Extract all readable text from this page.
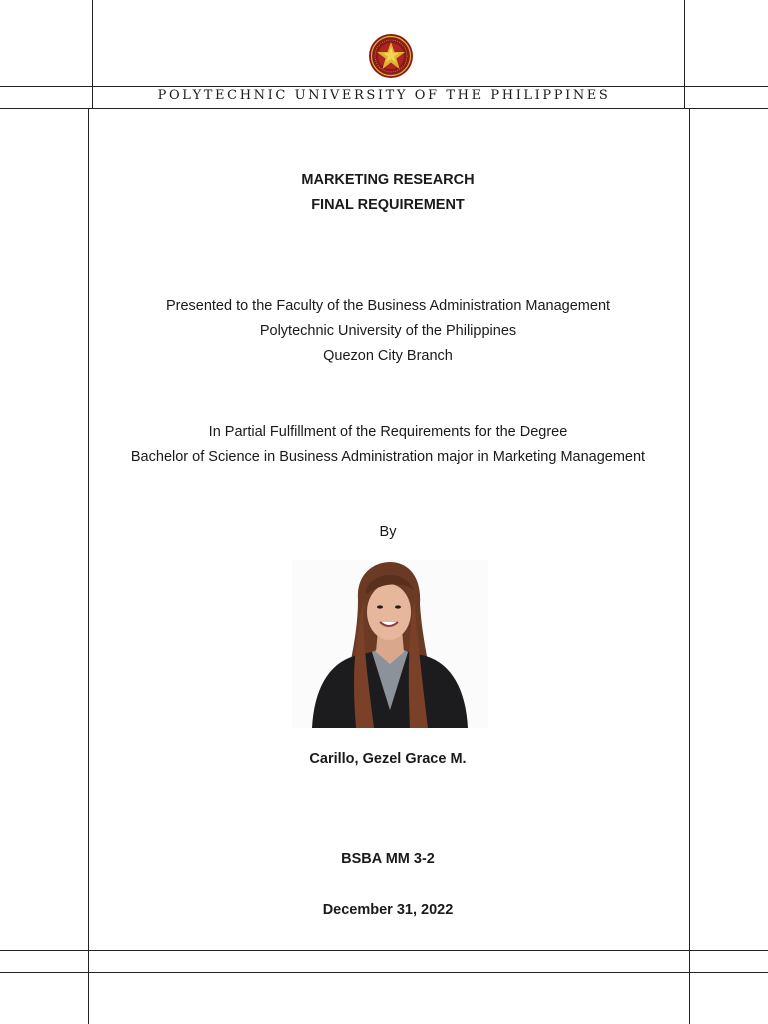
POLYTECHNIC UNIVERSITY OF THE PHILIPPINES
MARKETING RESEARCH
FINAL REQUIREMENT
Presented to the Faculty of the Business Administration Management
Polytechnic University of the Philippines
Quezon City Branch
In Partial Fulfillment of the Requirements for the Degree
Bachelor of Science in Business Administration major in Marketing Management
By
Carillo, Gezel Grace M.
BSBA MM 3-2
December 31, 2022
